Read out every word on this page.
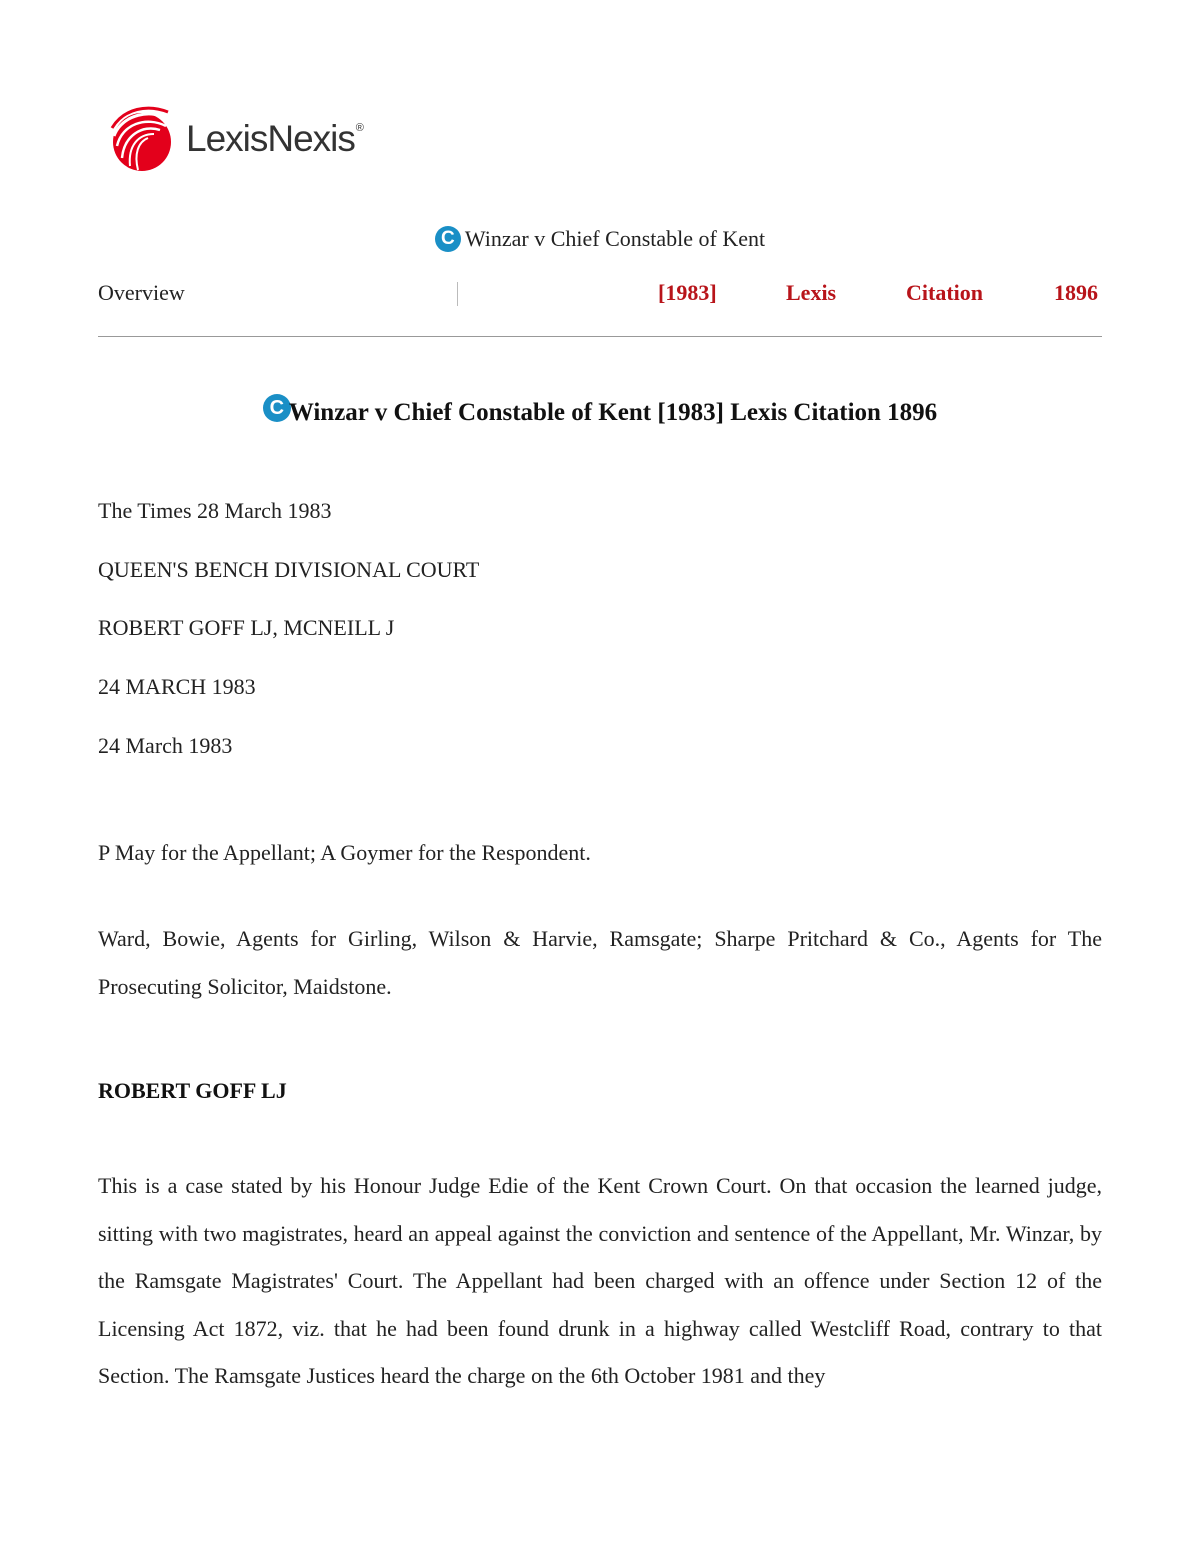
LexisNexis ®
C Winzar v Chief Constable of Kent
Overview	[1983]	Lexis	Citation	1896
C Winzar v Chief Constable of Kent [1983] Lexis Citation 1896
The Times 28 March 1983
QUEEN'S BENCH DIVISIONAL COURT
ROBERT GOFF LJ, MCNEILL J
24 MARCH 1983
24 March 1983
P May for the Appellant; A Goymer for the Respondent.
Ward, Bowie, Agents for Girling, Wilson & Harvie, Ramsgate; Sharpe Pritchard & Co., Agents for The Prosecuting Solicitor, Maidstone.
ROBERT GOFF LJ
This is a case stated by his Honour Judge Edie of the Kent Crown Court. On that occasion the learned judge, sitting with two magistrates, heard an appeal against the conviction and sentence of the Appellant, Mr. Winzar, by the Ramsgate Magistrates' Court. The Appellant had been charged with an offence under Section 12 of the Licensing Act 1872, viz. that he had been found drunk in a highway called Westcliff Road, contrary to that Section. The Ramsgate Justices heard the charge on the 6th October 1981 and they
